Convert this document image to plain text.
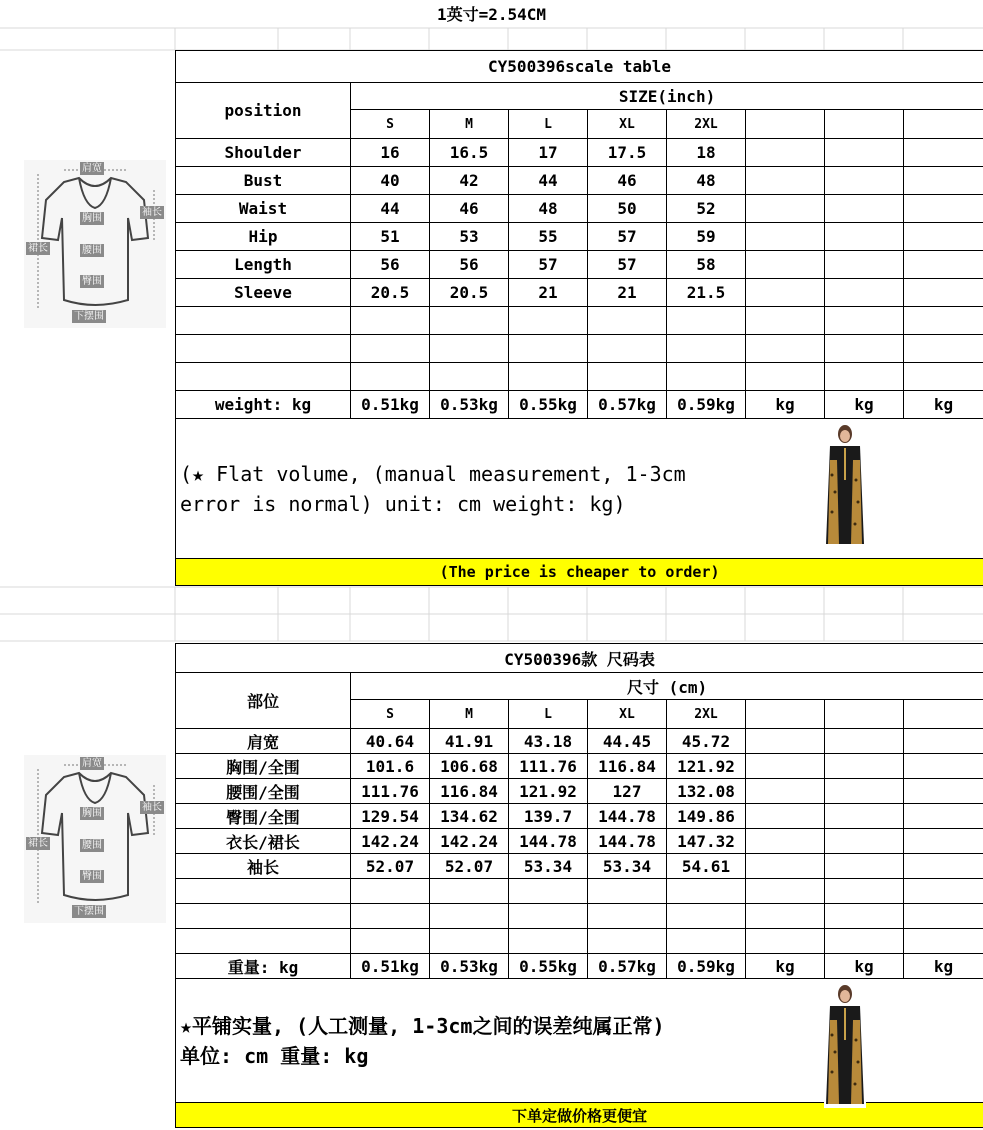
1英寸=2.54CM
肩宽
袖长
胸围
裙长	腰围
臀围
下摆围
CY500396scale table								
position	SIZE(inch)							
	S	M	L	XL	2XL			
Shoulder	16	16.5	17	17.5	18			
Bust	40	42	44	46	48			
Waist	44	46	48	50	52			
Hip	51	53	55	57	59			
Length	56	56	57	57	58			
Sleeve	20.5	20.5	21	21	21.5			

weight: kg	0.51kg	0.53kg	0.55kg	0.57kg	0.59kg	kg	kg	kg

(★ Flat volume, (manual measurement, 1-3cm
error is normal) unit: cm weight: kg)								

(The price is cheaper to order)								
肩宽
袖长
胸围
裙长	腰围
臀围
下摆围
CY500396款 尺码表								
部位	尺寸 (cm)							
	S	M	L	XL	2XL			
肩宽	40.64	41.91	43.18	44.45	45.72			
胸围/全围	101.6	106.68	111.76	116.84	121.92			
腰围/全围	111.76	116.84	121.92	127	132.08			
臀围/全围	129.54	134.62	139.7	144.78	149.86			
衣长/裙长	142.24	142.24	144.78	144.78	147.32			
袖长	52.07	52.07	53.34	53.34	54.61			

重量: kg	0.51kg	0.53kg	0.55kg	0.57kg	0.59kg	kg	kg	kg

★平铺实量, (人工测量, 1-3cm之间的误差纯属正常)
单位: cm 重量: kg								

下单定做价格更便宜								
